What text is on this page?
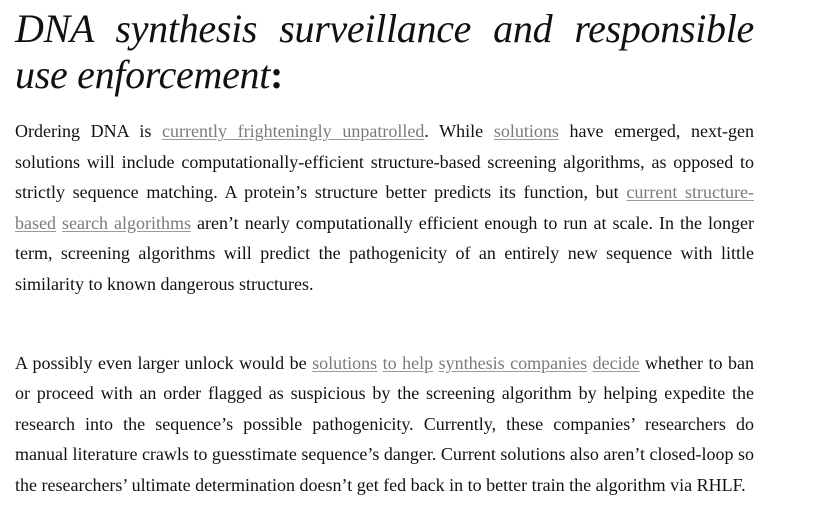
DNA synthesis surveillance and responsible use enforcement:

Ordering DNA is currently frighteningly unpatrolled. While solutions have emerged, next-gen solutions will include computationally-efficient structure-based screening algorithms, as opposed to strictly sequence matching. A protein’s structure better predicts its function, but current structure-based search algorithms aren’t nearly computationally efficient enough to run at scale. In the longer term, screening algorithms will predict the pathogenicity of an entirely new sequence with little similarity to known dangerous structures.

A possibly even larger unlock would be solutions to help synthesis companies decide whether to ban or proceed with an order flagged as suspicious by the screening algorithm by helping expedite the research into the sequence’s possible pathogenicity. Currently, these companies’ researchers do manual literature crawls to guesstimate sequence’s danger. Current solutions also aren’t closed-loop so the researchers’ ultimate determination doesn’t get fed back in to better train the algorithm via RHLF.
